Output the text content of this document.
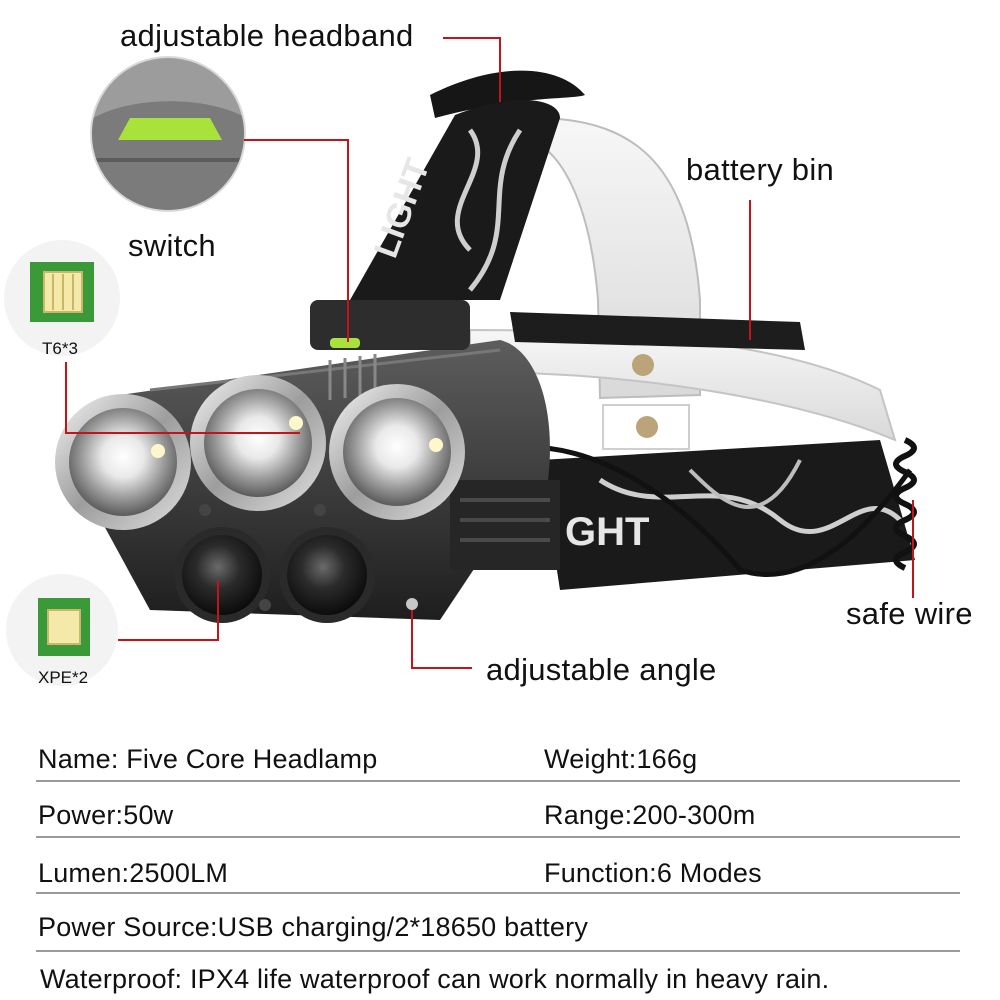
LIGHT
GHT
adjustable headband
switch
battery bin
safe wire
adjustable angle
T6*3
XPE*2
Name: Five Core Headlamp	Weight:166g
Power:50w	Range:200-300m
Lumen:2500LM	Function:6 Modes
Power Source:USB charging/2*18650 battery
Waterproof: IPX4 life waterproof can work normally in heavy rain.
